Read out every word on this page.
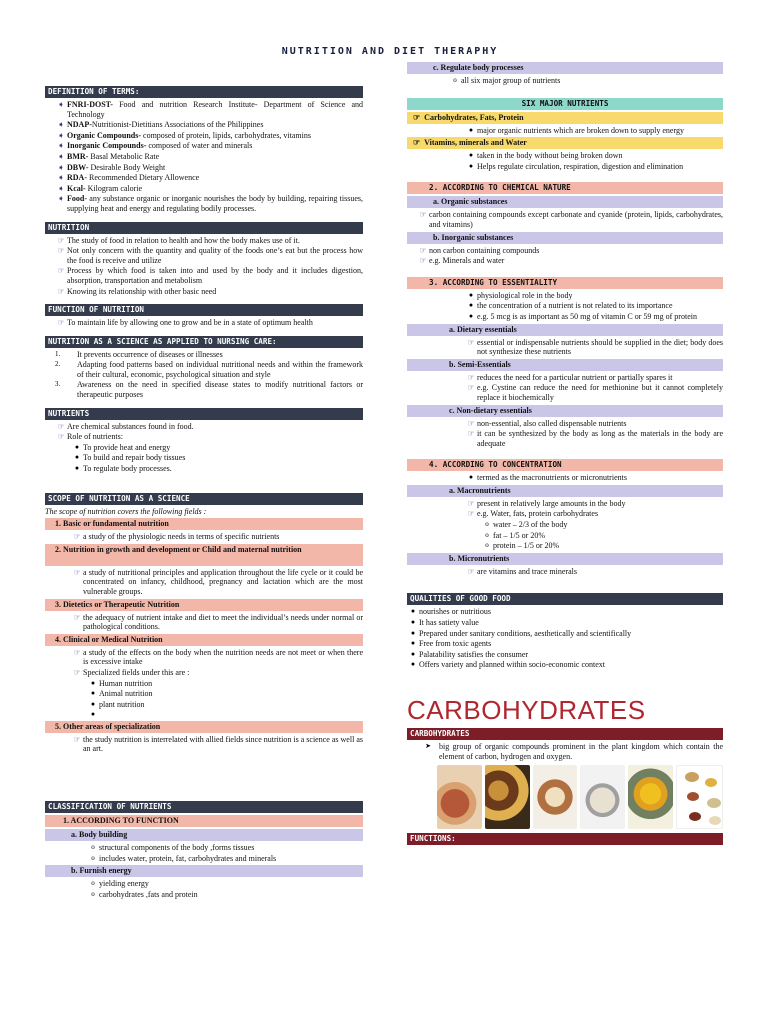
NUTRITION AND DIET THERAPHY
DEFINITION OF TERMS:
➧ FNRI-DOST- Food and nutrition Research Institute- Department of Science and Technology
➧ NDAP-Nutritionist-Dietitians Associations of the Philippines
➧ Organic Compounds- composed of protein, lipids, carbohydrates, vitamins
➧ Inorganic Compounds- composed of water and minerals
➧ BMR- Basal Metabolic Rate
➧ DBW- Desirable Body Weight
➧ RDA- Recommended Dietary Allowence
➧ Kcal- Kilogram calorie
➧ Food- any substance organic or inorganic nourishes the body by building, repairing tissues, supplying heat and energy and regulating bodily processes.
NUTRITION
☞ The study of food in relation to health and how the body makes use of it.
☞ Not only concern with the quantity and quality of the foods one’s eat but the process how the food is receive and utilize
☞ Process by which food is taken into and used by the body and it includes digestion, absorption, transportation and metabolism
☞ Knowing its relationship with other basic need
FUNCTION OF NUTRITION
☞ To maintain life by allowing one to grow and be in a state of optimum health
NUTRITION AS A SCIENCE AS APPLIED TO NURSING CARE:
1.	It prevents occurrence of diseases or illnesses
2.	Adapting food patterns based on individual nutritional needs and within the framework of their cultural, economic, psychological situation and style
3.	Awareness on the need in specified disease states to modify nutritional factors or therapeutic purposes
NUTRIENTS
☞ Are chemical substances found in food.
☞ Role of nutrients:
● To provide heat and energy
● To build and repair body tissues
● To regulate body processes.
SCOPE OF NUTRITION AS A SCIENCE
The scope of nutrition covers the following fields :
1. Basic or fundamental nutrition
☞ a study of the physiologic needs in terms of specific nutrients
2. Nutrition in growth and development or Child and maternal nutrition
☞ a study of nutritional principles and application throughout the life cycle or it could be concentrated on infancy, childhood, pregnancy and lactation which are the most vulnerable groups.
3. Dietetics or Therapeutic Nutrition
☞ the adequacy of nutrient intake and diet to meet the individual’s needs under normal or pathological conditions.
4. Clinical or Medical Nutrition
☞ a study of the effects on the body when the nutrition needs are not meet or when there is excessive intake
☞ Specialized fields under this are :
● Human nutrition
● Animal nutrition
● plant nutrition
●
5. Other areas of specialization
☞ the study nutrition is interrelated with allied fields since nutrition is a science as well as an art.
CLASSIFICATION OF NUTRIENTS
1. ACCORDING TO FUNCTION
a. Body building
o structural components of the body ,forms tissues
o includes water, protein, fat, carbohydrates and minerals
b. Furnish energy
o yielding energy
o carbohydrates ,fats and protein
c. Regulate body processes
o all six major group of nutrients
SIX MAJOR NUTRIENTS
☞ Carbohydrates, Fats, Protein
● major organic nutrients which are broken down to supply energy
☞ Vitamins, minerals and Water
● taken in the body without being broken down
● Helps regulate circulation, respiration, digestion and elimination
2. ACCORDING TO CHEMICAL NATURE
a. Organic substances
☞ carbon containing compounds except carbonate and cyanide (protein, lipids, carbohydrates, and vitamins)
b. Inorganic substances
☞ non carbon containing compounds
☞ e.g. Minerals and water
3. ACCORDING TO ESSENTIALITY
● physiological role in the body
● the concentration of a nutrient is not related to its importance
● e.g. 5 mcg is as important as 50 mg of vitamin C or 59 mg of protein
a. Dietary essentials
☞ essential or indispensable nutrients should be supplied in the diet; body does not synthesize these nutrients
b. Semi-Essentials
☞ reduces the need for a particular nutrient or partially spares it
☞ e.g. Cystine can reduce the need for methionine but it cannot completely replace it biochemically
c. Non-dietary essentials
☞ non-essential, also called dispensable nutrients
☞ it can be synthesized by the body as long as the materials in the body are adequate
4. ACCORDING TO CONCENTRATION
● termed as the macronutrients or micronutrients
a. Macronutrients
☞ present in relatively large amounts in the body
☞ e.g. Water, fats, protein carbohydrates
o water – 2/3 of the body
o fat – 1/5 or 20%
o protein – 1/5 or 20%
b. Micronutrients
☞ are vitamins and trace minerals
QUALITIES OF GOOD FOOD
● nourishes or nutritious
● It has satiety value
● Prepared under sanitary conditions, aesthetically and scientifically
● Free from toxic agents
● Palatability satisfies the consumer
● Offers variety and planned within socio-economic context
CARBOHYDRATES
CARBOHYDRATES
➤	big group of organic compounds prominent in the plant kingdom which contain the element of carbon, hydrogen and oxygen.
FUNCTIONS:
